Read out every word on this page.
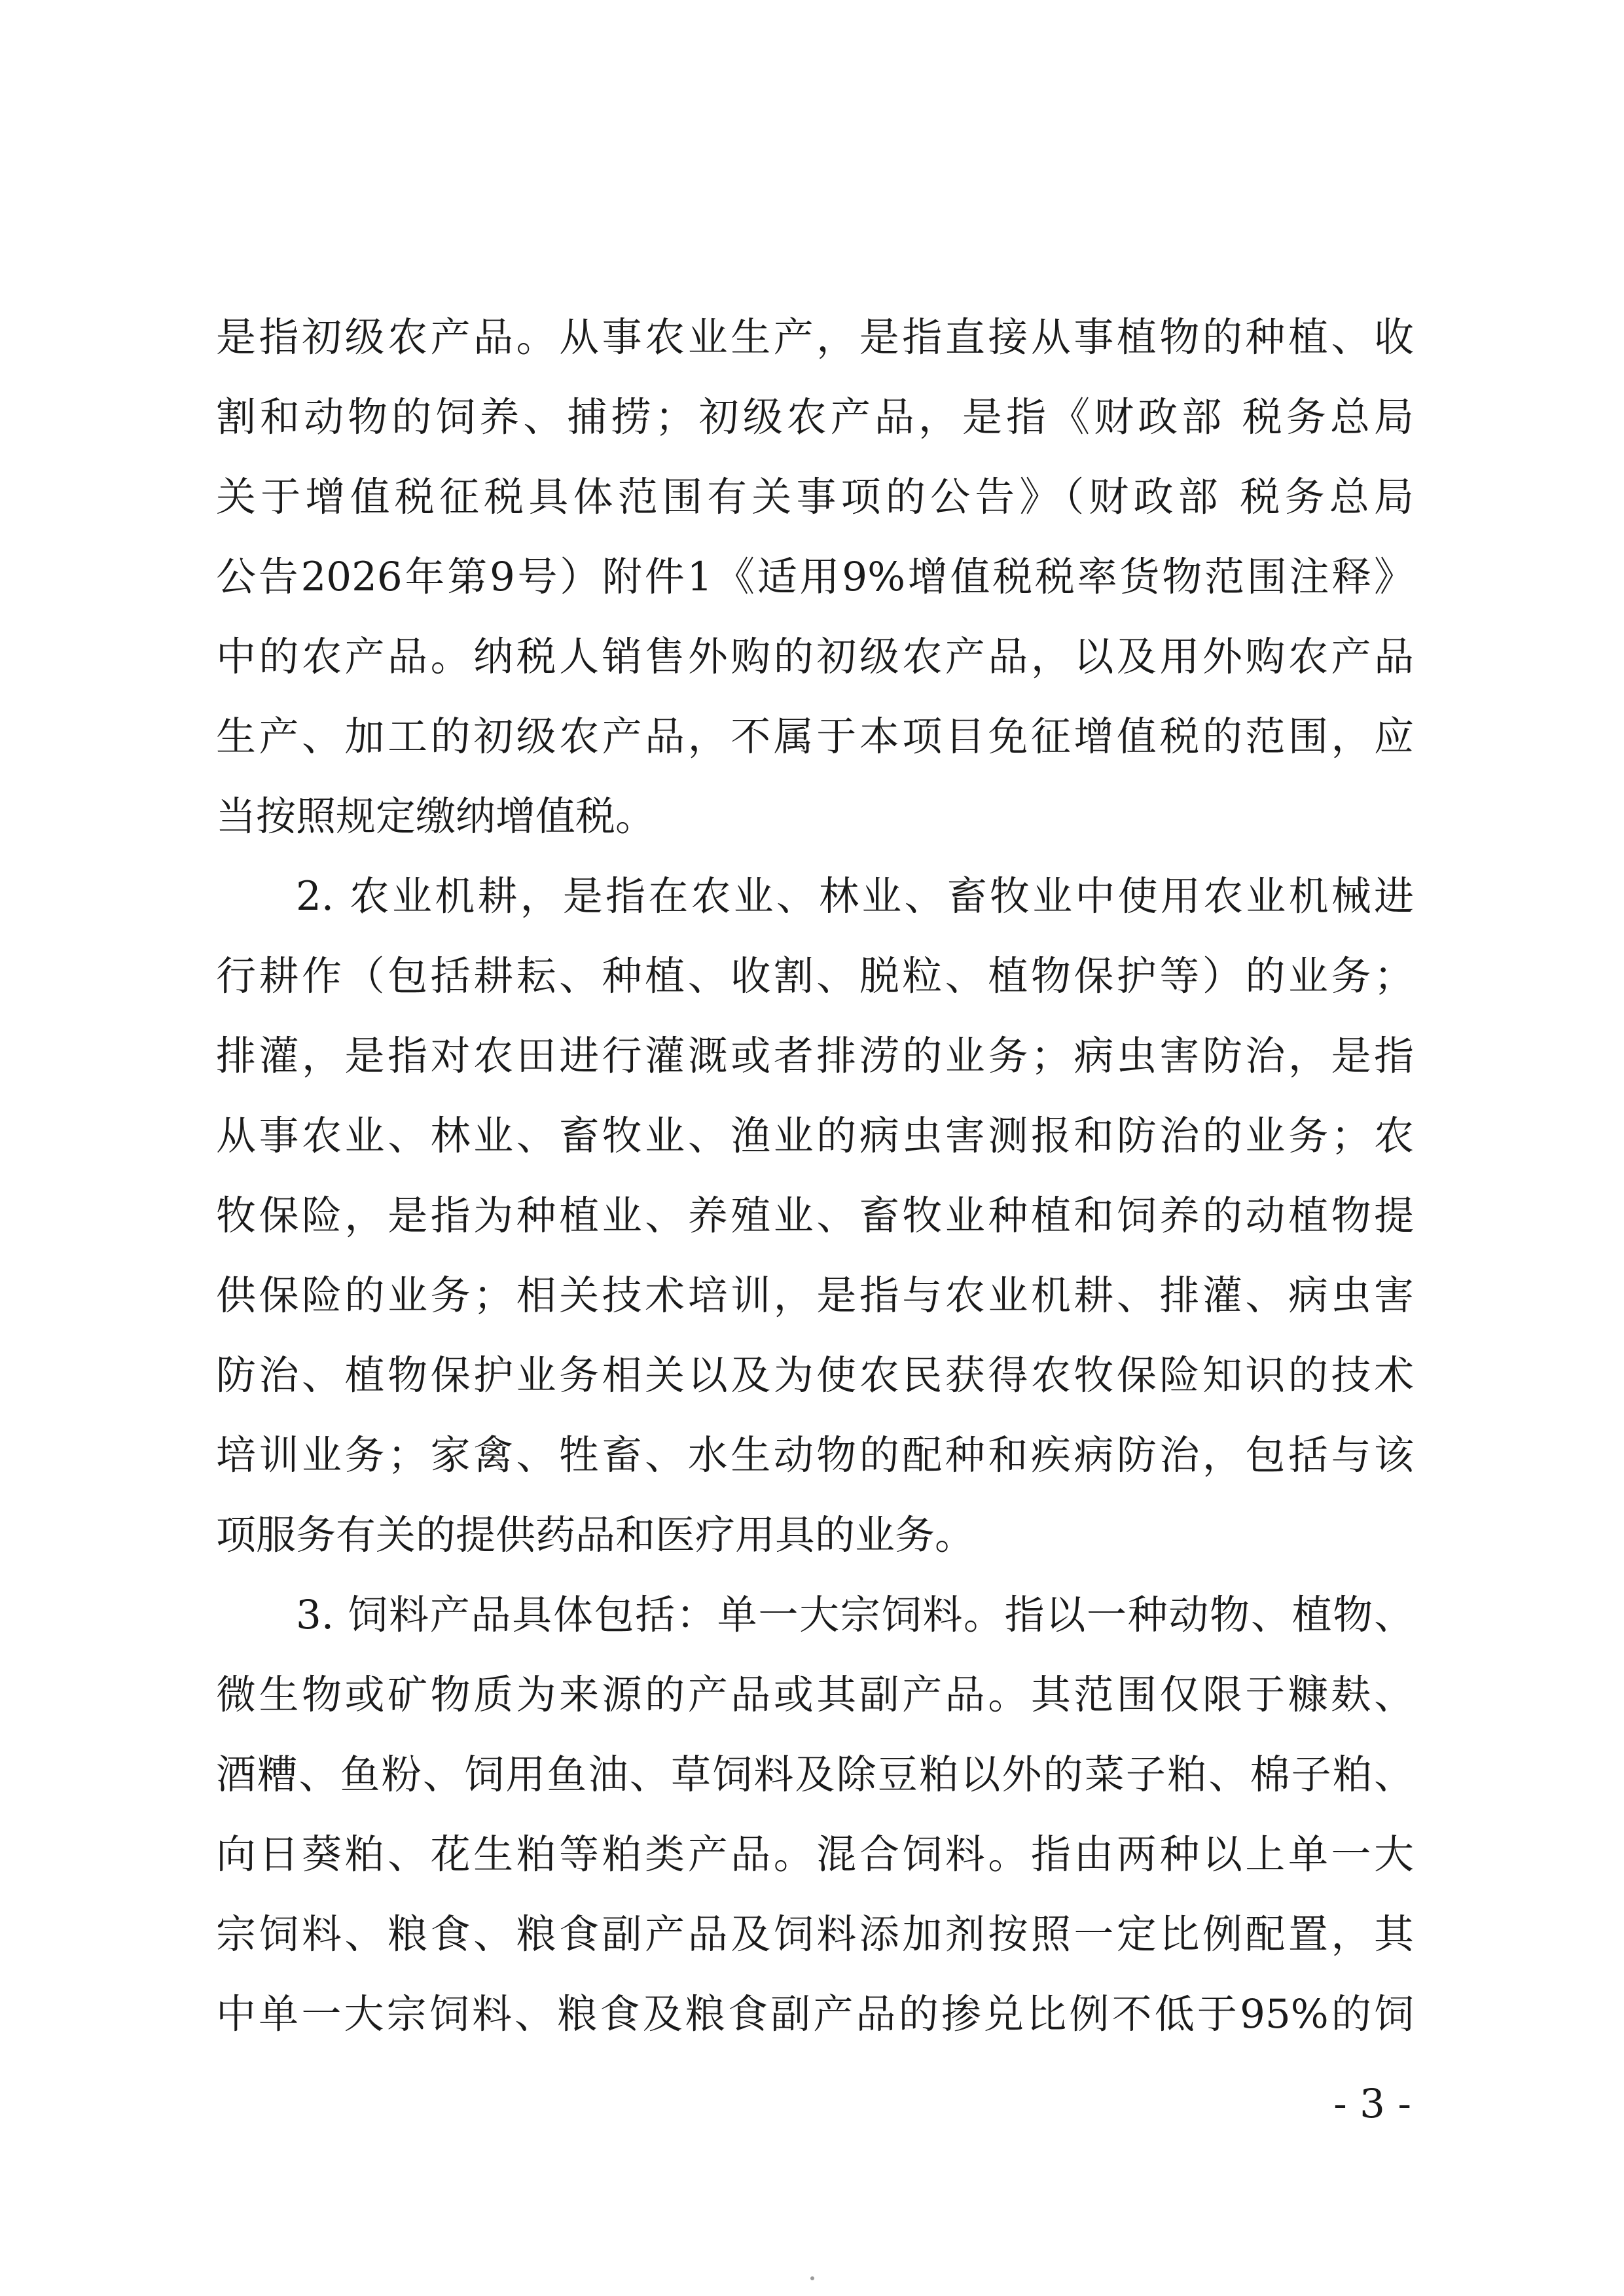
是指初级农产品。从事农业生产，是指直接从事植物的种植、收
割和动物的饲养、捕捞；初级农产品，是指《财政部 税务总局
关于增值税征税具体范围有关事项的公告》（财政部 税务总局
公告2026年第9号）附件1《适用9%增值税税率货物范围注释》
中的农产品。纳税人销售外购的初级农产品，以及用外购农产品
生产、加工的初级农产品，不属于本项目免征增值税的范围，应
当按照规定缴纳增值税。
2. 农业机耕，是指在农业、林业、畜牧业中使用农业机械进
行耕作（包括耕耘、种植、收割、脱粒、植物保护等）的业务；
排灌，是指对农田进行灌溉或者排涝的业务；病虫害防治，是指
从事农业、林业、畜牧业、渔业的病虫害测报和防治的业务；农
牧保险，是指为种植业、养殖业、畜牧业种植和饲养的动植物提
供保险的业务；相关技术培训，是指与农业机耕、排灌、病虫害
防治、植物保护业务相关以及为使农民获得农牧保险知识的技术
培训业务；家禽、牲畜、水生动物的配种和疾病防治，包括与该
项服务有关的提供药品和医疗用具的业务。
3. 饲料产品具体包括：单一大宗饲料。指以一种动物、植物、
微生物或矿物质为来源的产品或其副产品。其范围仅限于糠麸、
酒糟、鱼粉、饲用鱼油、草饲料及除豆粕以外的菜子粕、棉子粕、
向日葵粕、花生粕等粕类产品。混合饲料。指由两种以上单一大
宗饲料、粮食、粮食副产品及饲料添加剂按照一定比例配置，其
中单一大宗饲料、粮食及粮食副产品的掺兑比例不低于95%的饲
- 3 -
